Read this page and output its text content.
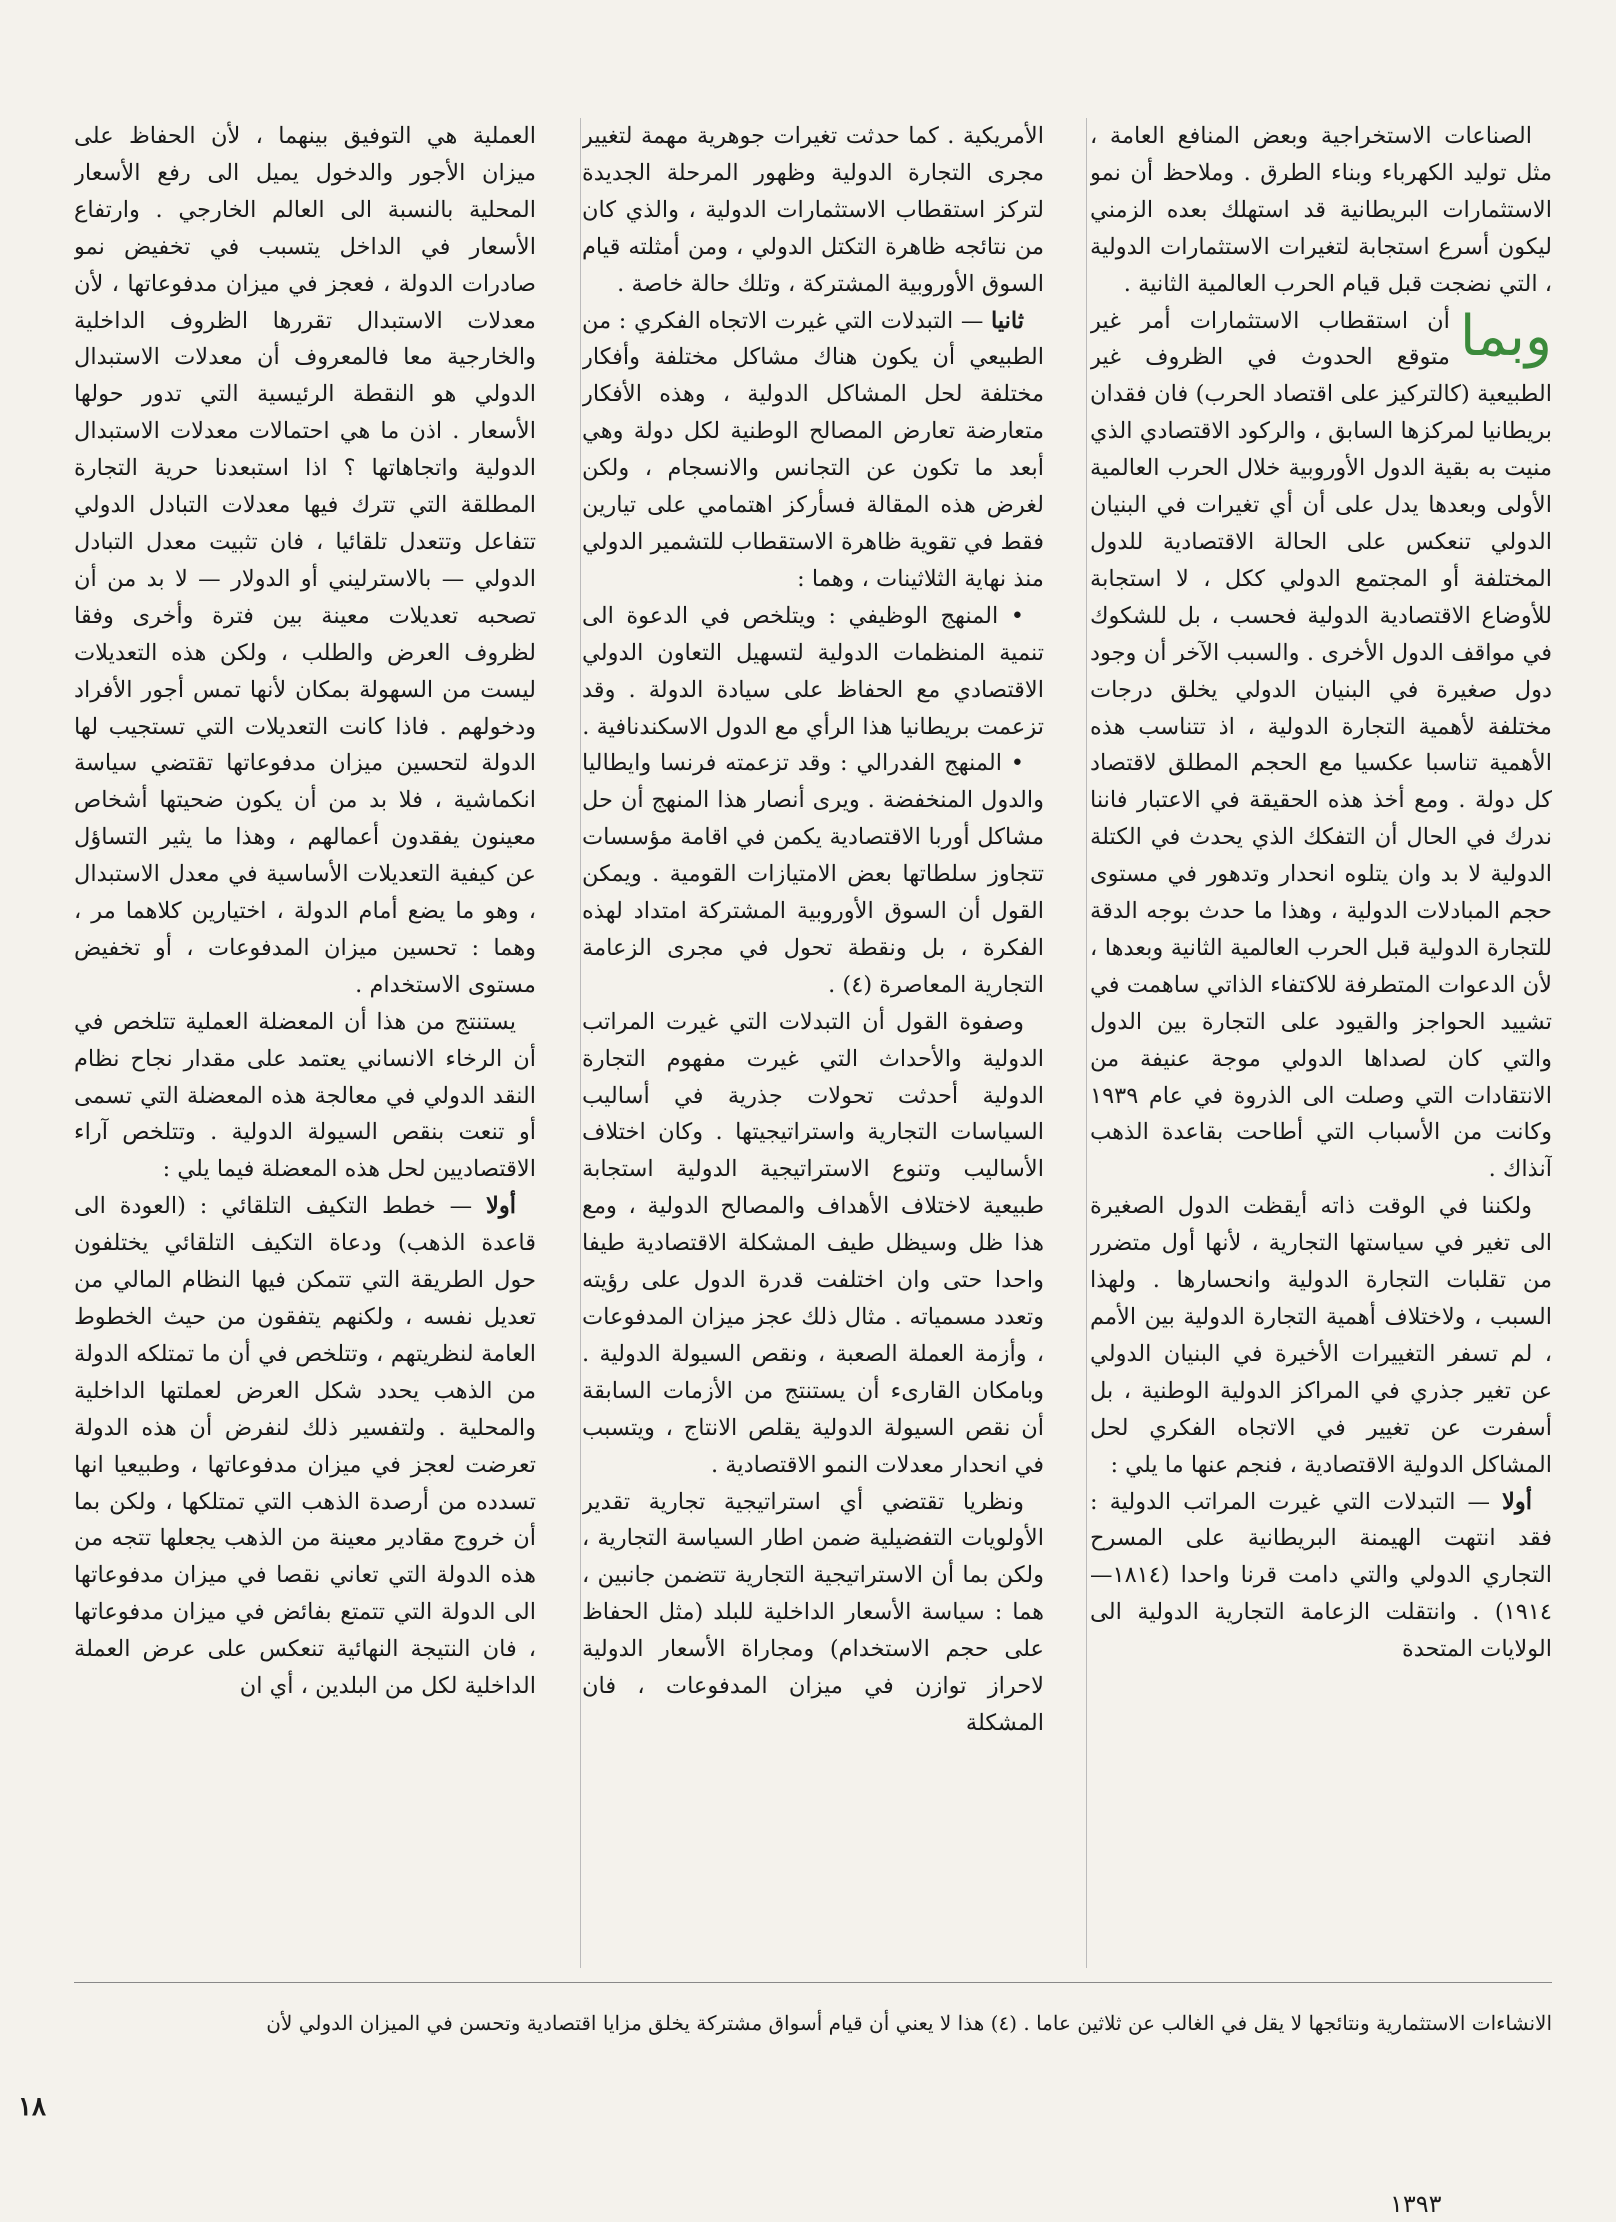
الصناعات الاستخراجية وبعض المنافع العامة ، مثل توليد الكهرباء وبناء الطرق . وملاحظ أن نمو الاستثمارات البريطانية قد استهلك بعده الزمني ليكون أسرع استجابة لتغيرات الاستثمارات الدولية ، التي نضجت قبل قيام الحرب العالمية الثانية .

وبما
أن استقطاب الاستثمارات أمر غير متوقع الحدوث في الظروف غير الطبيعية (كالتركيز على اقتصاد الحرب) فان فقدان بريطانيا لمركزها السابق ، والركود الاقتصادي الذي منيت به بقية الدول الأوروبية خلال الحرب العالمية الأولى وبعدها يدل على أن أي تغيرات في البنيان الدولي تنعكس على الحالة الاقتصادية للدول المختلفة أو المجتمع الدولي ككل ، لا استجابة للأوضاع الاقتصادية الدولية فحسب ، بل للشكوك في مواقف الدول الأخرى . والسبب الآخر أن وجود دول صغيرة في البنيان الدولي يخلق درجات مختلفة لأهمية التجارة الدولية ، اذ تتناسب هذه الأهمية تناسبا عكسيا مع الحجم المطلق لاقتصاد كل دولة . ومع أخذ هذه الحقيقة في الاعتبار فاننا ندرك في الحال أن التفكك الذي يحدث في الكتلة الدولية لا بد وان يتلوه انحدار وتدهور في مستوى حجم المبادلات الدولية ، وهذا ما حدث بوجه الدقة للتجارة الدولية قبل الحرب العالمية الثانية وبعدها ، لأن الدعوات المتطرفة للاكتفاء الذاتي ساهمت في تشييد الحواجز والقيود على التجارة بين الدول والتي كان لصداها الدولي موجة عنيفة من الانتقادات التي وصلت الى الذروة في عام ١٩٣٩ وكانت من الأسباب التي أطاحت بقاعدة الذهب آنذاك .

ولكننا في الوقت ذاته أيقظت الدول الصغيرة الى تغير في سياستها التجارية ، لأنها أول متضرر من تقلبات التجارة الدولية وانحسارها . ولهذا السبب ، ولاختلاف أهمية التجارة الدولية بين الأمم ، لم تسفر التغييرات الأخيرة في البنيان الدولي عن تغير جذري في المراكز الدولية الوطنية ، بل أسفرت عن تغيير في الاتجاه الفكري لحل المشاكل الدولية الاقتصادية ، فنجم عنها ما يلي :

أولا — التبدلات التي غيرت المراتب الدولية : فقد انتهت الهيمنة البريطانية على المسرح التجاري الدولي والتي دامت قرنا واحدا (١٨١٤—١٩١٤) . وانتقلت الزعامة التجارية الدولية الى الولايات المتحدة

الأمريكية . كما حدثت تغيرات جوهرية مهمة لتغيير مجرى التجارة الدولية وظهور المرحلة الجديدة لتركز استقطاب الاستثمارات الدولية ، والذي كان من نتائجه ظاهرة التكتل الدولي ، ومن أمثلته قيام السوق الأوروبية المشتركة ، وتلك حالة خاصة .

ثانيا — التبدلات التي غيرت الاتجاه الفكري : من الطبيعي أن يكون هناك مشاكل مختلفة وأفكار مختلفة لحل المشاكل الدولية ، وهذه الأفكار متعارضة تعارض المصالح الوطنية لكل دولة وهي أبعد ما تكون عن التجانس والانسجام ، ولكن لغرض هذه المقالة فسأركز اهتمامي على تيارين فقط في تقوية ظاهرة الاستقطاب للتشمير الدولي منذ نهاية الثلاثينات ، وهما :

• المنهج الوظيفي : ويتلخص في الدعوة الى تنمية المنظمات الدولية لتسهيل التعاون الدولي الاقتصادي مع الحفاظ على سيادة الدولة . وقد تزعمت بريطانيا هذا الرأي مع الدول الاسكندنافية .

• المنهج الفدرالي : وقد تزعمته فرنسا وايطاليا والدول المنخفضة . ويرى أنصار هذا المنهج أن حل مشاكل أوربا الاقتصادية يكمن في اقامة مؤسسات تتجاوز سلطاتها بعض الامتيازات القومية . ويمكن القول أن السوق الأوروبية المشتركة امتداد لهذه الفكرة ، بل ونقطة تحول في مجرى الزعامة التجارية المعاصرة (٤) .

وصفوة القول أن التبدلات التي غيرت المراتب الدولية والأحداث التي غيرت مفهوم التجارة الدولية أحدثت تحولات جذرية في أساليب السياسات التجارية واستراتيجيتها . وكان اختلاف الأساليب وتنوع الاستراتيجية الدولية استجابة طبيعية لاختلاف الأهداف والمصالح الدولية ، ومع هذا ظل وسيظل طيف المشكلة الاقتصادية طيفا واحدا حتى وان اختلفت قدرة الدول على رؤيته وتعدد مسمياته . مثال ذلك عجز ميزان المدفوعات ، وأزمة العملة الصعبة ، ونقص السيولة الدولية . وبامكان القارىء أن يستنتج من الأزمات السابقة أن نقص السيولة الدولية يقلص الانتاج ، ويتسبب في انحدار معدلات النمو الاقتصادية .

ونظريا تقتضي أي استراتيجية تجارية تقدير الأولويات التفضيلية ضمن اطار السياسة التجارية ، ولكن بما أن الاستراتيجية التجارية تتضمن جانبين ، هما : سياسة الأسعار الداخلية للبلد (مثل الحفاظ على حجم الاستخدام) ومجاراة الأسعار الدولية لاحراز توازن في ميزان المدفوعات ، فان المشكلة

العملية هي التوفيق بينهما ، لأن الحفاظ على ميزان الأجور والدخول يميل الى رفع الأسعار المحلية بالنسبة الى العالم الخارجي . وارتفاع الأسعار في الداخل يتسبب في تخفيض نمو صادرات الدولة ، فعجز في ميزان مدفوعاتها ، لأن معدلات الاستبدال تقررها الظروف الداخلية والخارجية معا فالمعروف أن معدلات الاستبدال الدولي هو النقطة الرئيسية التي تدور حولها الأسعار . اذن ما هي احتمالات معدلات الاستبدال الدولية واتجاهاتها ؟ اذا استبعدنا حرية التجارة المطلقة التي تترك فيها معدلات التبادل الدولي تتفاعل وتتعدل تلقائيا ، فان تثبيت معدل التبادل الدولي — بالاسترليني أو الدولار — لا بد من أن تصحبه تعديلات معينة بين فترة وأخرى وفقا لظروف العرض والطلب ، ولكن هذه التعديلات ليست من السهولة بمكان لأنها تمس أجور الأفراد ودخولهم . فاذا كانت التعديلات التي تستجيب لها الدولة لتحسين ميزان مدفوعاتها تقتضي سياسة انكماشية ، فلا بد من أن يكون ضحيتها أشخاص معينون يفقدون أعمالهم ، وهذا ما يثير التساؤل عن كيفية التعديلات الأساسية في معدل الاستبدال ، وهو ما يضع أمام الدولة ، اختيارين كلاهما مر ، وهما : تحسين ميزان المدفوعات ، أو تخفيض مستوى الاستخدام .

يستنتج من هذا أن المعضلة العملية تتلخص في أن الرخاء الانساني يعتمد على مقدار نجاح نظام النقد الدولي في معالجة هذه المعضلة التي تسمى أو تنعت بنقص السيولة الدولية . وتتلخص آراء الاقتصاديين لحل هذه المعضلة فيما يلي :

أولا — خطط التكيف التلقائي : (العودة الى قاعدة الذهب) ودعاة التكيف التلقائي يختلفون حول الطريقة التي تتمكن فيها النظام المالي من تعديل نفسه ، ولكنهم يتفقون من حيث الخطوط العامة لنظريتهم ، وتتلخص في أن ما تمتلكه الدولة من الذهب يحدد شكل العرض لعملتها الداخلية والمحلية . ولتفسير ذلك لنفرض أن هذه الدولة تعرضت لعجز في ميزان مدفوعاتها ، وطبيعيا انها تسدده من أرصدة الذهب التي تمتلكها ، ولكن بما أن خروج مقادير معينة من الذهب يجعلها تتجه من هذه الدولة التي تعاني نقصا في ميزان مدفوعاتها الى الدولة التي تتمتع بفائض في ميزان مدفوعاتها ، فان النتيجة النهائية تنعكس على عرض العملة الداخلية لكل من البلدين ، أي ان

الانشاءات الاستثمارية ونتائجها لا يقل في الغالب عن ثلاثين عاما . (٤) هذا لا يعني أن قيام أسواق مشتركة يخلق مزايا اقتصادية وتحسن في الميزان الدولي لأن
١٨
١٣٩٣
